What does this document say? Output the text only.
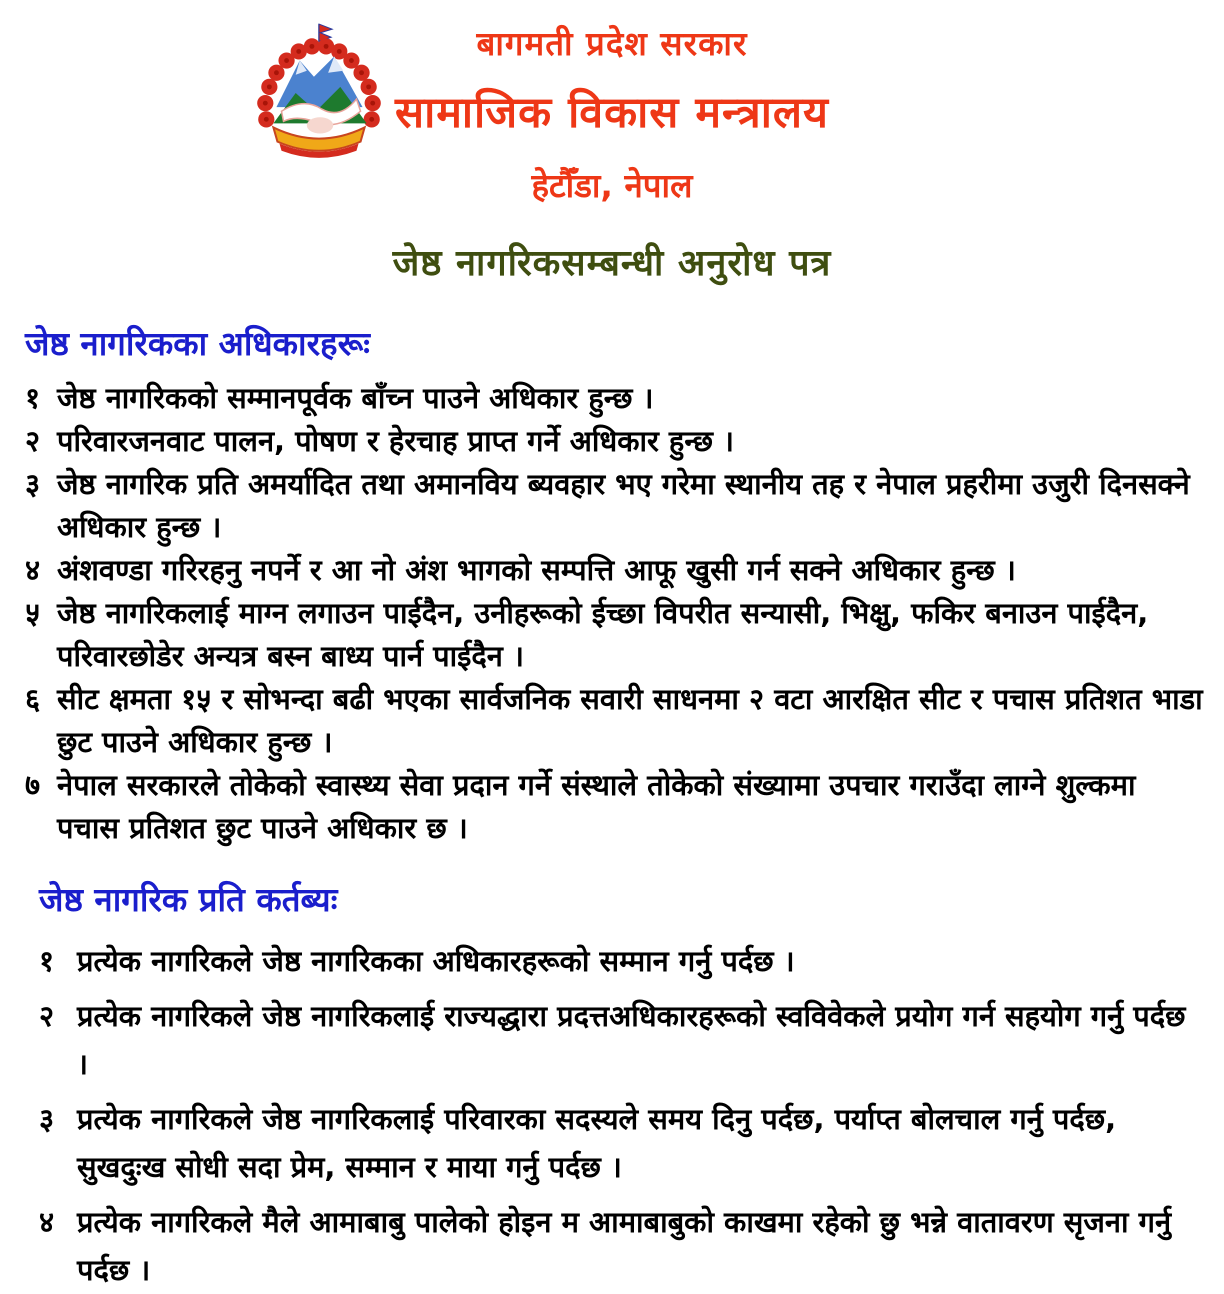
बागमती प्रदेश सरकार
सामाजिक विकास मन्त्रालय
हेटौँडा, नेपाल
जेष्ठ नागरिकसम्बन्धी अनुरोध पत्र
जेष्ठ नागरिकका अधिकारहरूः
१ जेष्ठ नागरिकको सम्मानपूर्वक बाँच्न पाउने अधिकार हुन्छ ।
२ परिवारजनवाट पालन, पोषण र हेरचाह प्राप्त गर्ने अधिकार हुन्छ ।
३ जेष्ठ नागरिक प्रति अमर्यादित तथा अमानविय ब्यवहार भए गरेमा स्थानीय तह र नेपाल प्रहरीमा उजुरी दिनसक्ने अधिकार हुन्छ ।
४ अंशवण्डा गरिरहनु नपर्ने र आ नो अंश भागको सम्पत्ति आफू खुसी गर्न सक्ने अधिकार हुन्छ ।
५ जेष्ठ नागरिकलाई माग्न लगाउन पाईदैन, उनीहरूको ईच्छा विपरीत सन्यासी, भिक्षु, फकिर बनाउन पाईदैन, परिवारछोडेर अन्यत्र बस्न बाध्य पार्न पाईदैन ।
६ सीट क्षमता १५ र सोभन्दा बढी भएका सार्वजनिक सवारी साधनमा २ वटा आरक्षित सीट र पचास प्रतिशत भाडा छुट पाउने अधिकार हुन्छ ।
७ नेपाल सरकारले तोकेको स्वास्थ्य सेवा प्रदान गर्ने संस्थाले तोकेको संख्यामा उपचार गराउँदा लाग्ने शुल्कमा पचास प्रतिशत छुट पाउने अधिकार छ ।
जेष्ठ नागरिक प्रति कर्तब्यः
१ प्रत्येक नागरिकले जेष्ठ नागरिकका अधिकारहरूको सम्मान गर्नु पर्दछ ।
२ प्रत्येक नागरिकले जेष्ठ नागरिकलाई राज्यद्धारा प्रदत्तअधिकारहरूको स्वविवेकले प्रयोग गर्न सहयोग गर्नु पर्दछ ।
३ प्रत्येक नागरिकले जेष्ठ नागरिकलाई परिवारका सदस्यले समय दिनु पर्दछ, पर्याप्त बोलचाल गर्नु पर्दछ, सुखदुःख सोधी सदा प्रेम, सम्मान र माया गर्नु पर्दछ ।
४ प्रत्येक नागरिकले मैले आमाबाबु पालेको होइन म आमाबाबुको काखमा रहेको छु भन्ने वातावरण सृजना गर्नु पर्दछ ।
